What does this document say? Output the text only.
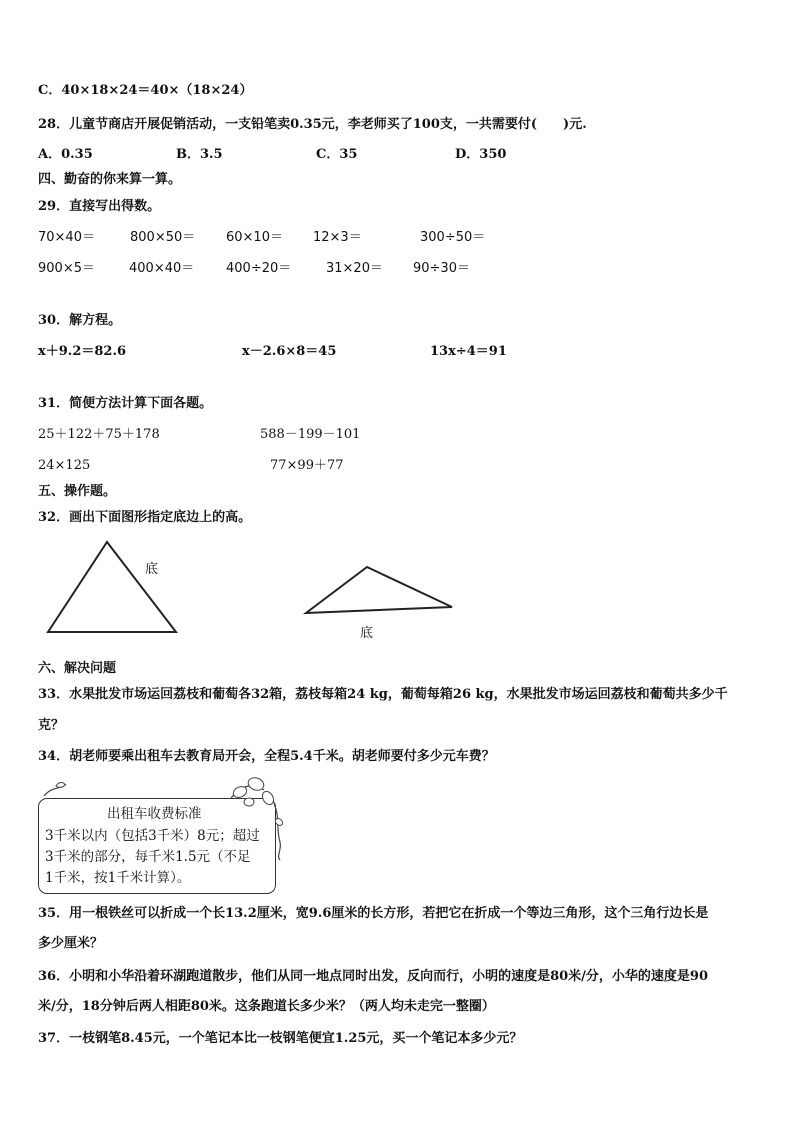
C．40×18×24＝40×（18×24）
28．儿童节商店开展促销活动，一支铅笔卖0.35元，李老师买了100支，一共需要付(　　)元.
A．0.35	B．3.5	C．35	D．350
四、勤奋的你来算一算。
29．直接写出得数。
70×40＝	800×50＝ 60×10＝ 12×3＝	300÷50＝
900×5＝	400×40＝ 400÷20＝	31×20＝ 90÷30＝
30．解方程。
x＋9.2＝82.6	x－2.6×8＝45	13x÷4＝91
31．简便方法计算下面各题。
25＋122＋75＋178	588－199－101
24×125	77×99＋77
五、操作题。
32．画出下面图形指定底边上的高。
底
底
六、解决问题
33．水果批发市场运回荔枝和葡萄各32箱，荔枝每箱24 kg，葡萄每箱26 kg，水果批发市场运回荔枝和葡萄共多少千
克？
34．胡老师要乘出租车去教育局开会，全程5.4千米。胡老师要付多少元车费？
出租车收费标准
3千米以内（包括3千米）8元；超过
3千米的部分，每千米1.5元（不足
1千米，按1千米计算）。
35．用一根铁丝可以折成一个长13.2厘米，宽9.6厘米的长方形，若把它在折成一个等边三角形，这个三角行边长是
多少厘米？
36．小明和小华沿着环湖跑道散步，他们从同一地点同时出发，反向而行，小明的速度是80米/分，小华的速度是90
米/分，18分钟后两人相距80米。这条跑道长多少米？（两人均未走完一整圈）
37．一枝钢笔8.45元，一个笔记本比一枝钢笔便宜1.25元，买一个笔记本多少元？
